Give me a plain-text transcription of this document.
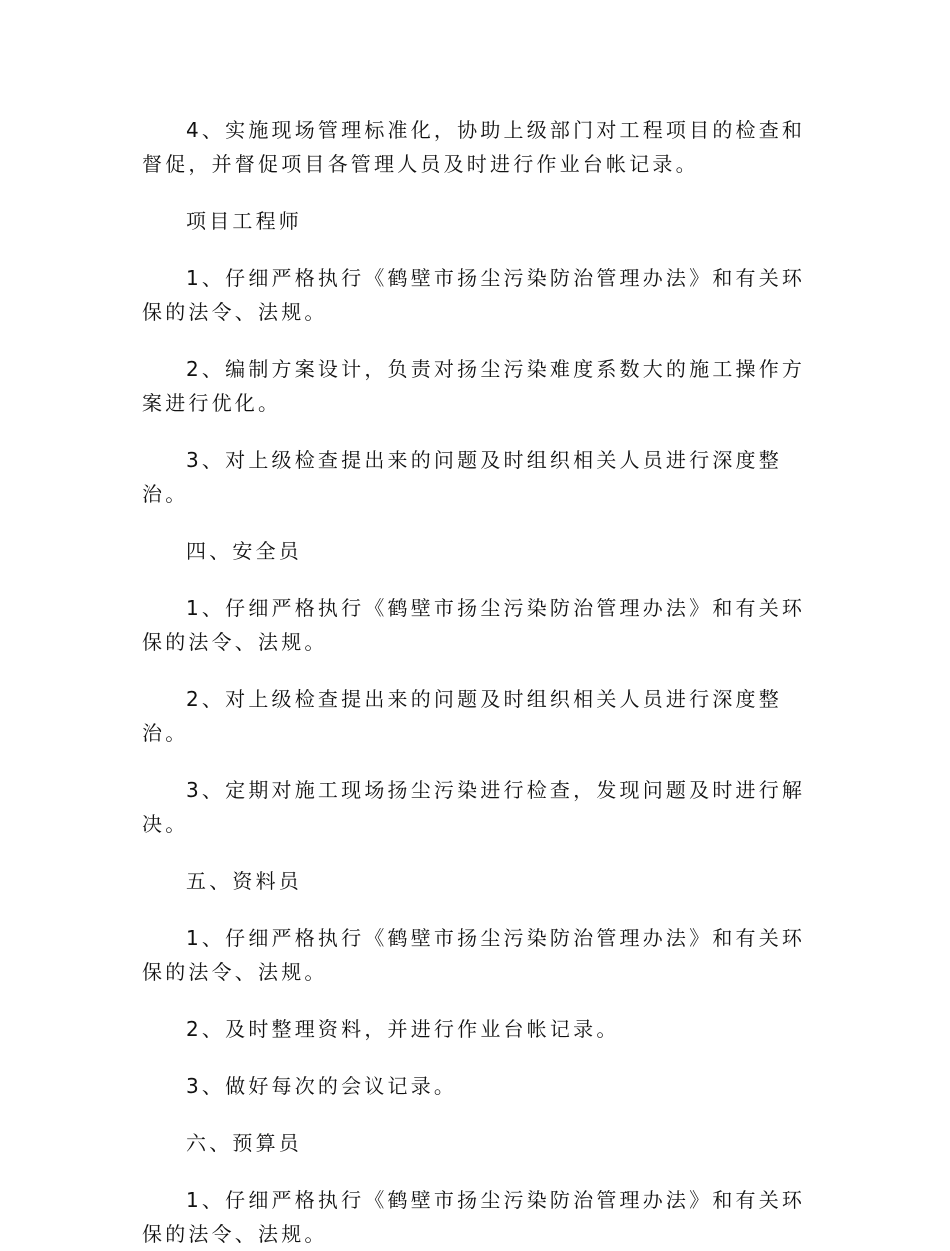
4、实施现场管理标准化，协助上级部门对工程项目的检查和督促，并督促项目各管理人员及时进行作业台帐记录。

项目工程师

1、仔细严格执行《鹤壁市扬尘污染防治管理办法》和有关环保的法令、法规。

2、编制方案设计，负责对扬尘污染难度系数大的施工操作方案进行优化。

3、对上级检查提出来的问题及时组织相关人员进行深度整治。

四、安全员

1、仔细严格执行《鹤壁市扬尘污染防治管理办法》和有关环保的法令、法规。

2、对上级检查提出来的问题及时组织相关人员进行深度整治。

3、定期对施工现场扬尘污染进行检查，发现问题及时进行解决。

五、资料员

1、仔细严格执行《鹤壁市扬尘污染防治管理办法》和有关环保的法令、法规。

2、及时整理资料，并进行作业台帐记录。

3、做好每次的会议记录。

六、预算员

1、仔细严格执行《鹤壁市扬尘污染防治管理办法》和有关环保的法令、法规。
